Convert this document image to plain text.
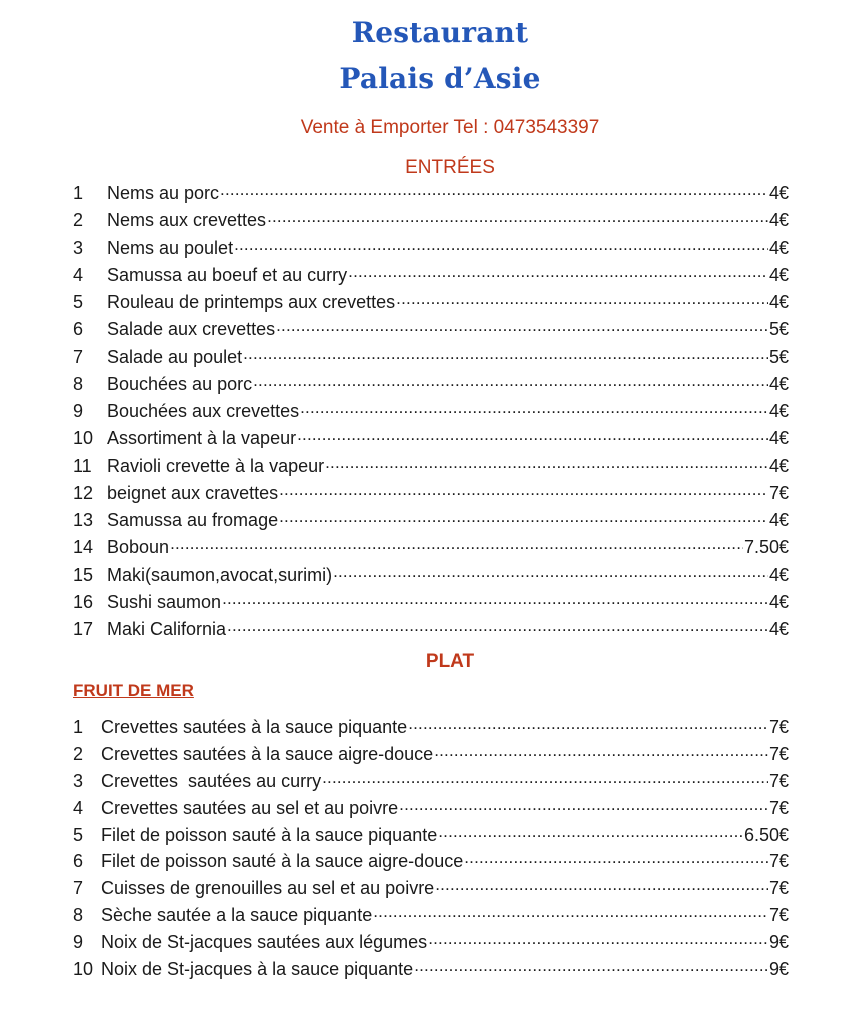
Restaurant
Palais d’Asie
Vente à Emporter Tel : 0473543397
ENTRÉES
1	Nems au porc .....	4€
2	Nems aux crevettes .....	4€
3	Nems au poulet .....	4€
4	Samussa au boeuf et au curry .....	4€
5	Rouleau de printemps aux crevettes .....	4€
6	Salade aux crevettes .....	5€
7	Salade au poulet .....	5€
8	Bouchées au porc .....	4€
9	Bouchées aux crevettes .....	4€
10 Assortiment à la vapeur .....	4€
11 Ravioli crevette à la vapeur .....	4€
12 beignet aux cravettes .....	7€
13 Samussa au fromage .....	4€
14 Boboun .....	7.50€
15 Maki(saumon,avocat,surimi) .....	4€
16 Sushi saumon .....	4€
17 Maki California .....	4€
PLAT
FRUIT DE MER
1 Crevettes sautées à la sauce piquante .....	7€
2 Crevettes sautées à la sauce aigre-douce .....	7€
3 Crevettes  sautées au curry .....	7€
4 Crevettes sautées au sel et au poivre .....	7€
5 Filet de poisson sauté à la sauce piquante .....	6.50€
6 Filet de poisson sauté à la sauce aigre-douce .....	7€
7 Cuisses de grenouilles au sel et au poivre .....	7€
8 Sèche sautée a la sauce piquante .....	7€
9 Noix de St-jacques sautées aux légumes .....	9€
10 Noix de St-jacques à la sauce piquante .....	9€
